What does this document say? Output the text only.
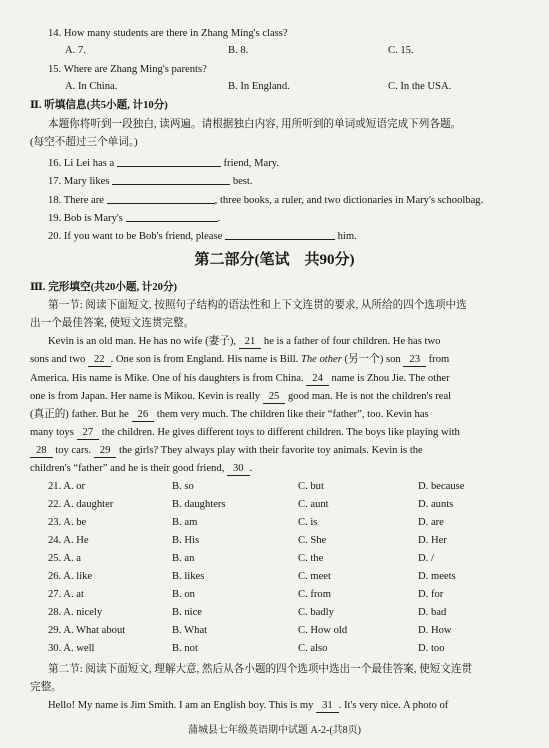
14. How many students are there in Zhang Ming's class?
A. 7.	B. 8.	C. 15.
15. Where are Zhang Ming's parents?
A. In China.	B. In England.	C. In the USA.
Ⅱ. 听填信息(共5小题, 计10分)
本题你将听到一段独白, 读两遍。请根据独白内容, 用所听到的单词或短语完成下列各题。
(每空不超过三个单词。)
16. Li Lei has a	friend, Mary.
17. Mary likes	best.
18. There are	, three books, a ruler, and two dictionaries in Mary's schoolbag.
19. Bob is Mary's	.
20. If you want to be Bob's friend, please	him.
第二部分(笔试　共90分)
Ⅲ. 完形填空(共20小题, 计20分)
第一节: 阅读下面短文, 按照句子结构的语法性和上下文连贯的要求, 从所给的四个选项中选
出一个最佳答案, 使短文连贯完整。
Kevin is an old man. He has no wife (妻子), 21 he is a father of four children. He has two
sons and two 22 . One son is from England. His name is Bill. The other (另一个) son 23 from
America. His name is Mike. One of his daughters is from China. 24 name is Zhou Jie. The other
one is from Japan. Her name is Mikou. Kevin is really 25 good man. He is not the children's real
(真正的) father. But he 26 them very much. The children like their “father”, too. Kevin has
many toys 27 the children. He gives different toys to different children. The boys like playing with
28 toy cars. 29 the girls? They always play with their favorite toy animals. Kevin is the
children's “father” and he is their good friend, 30 .
21. A. or	B. so	C. but	D. because
22. A. daughter	B. daughters	C. aunt	D. aunts
23. A. be	B. am	C. is	D. are
24. A. He	B. His	C. She	D. Her
25. A. a	B. an	C. the	D. /
26. A. like	B. likes	C. meet	D. meets
27. A. at	B. on	C. from	D. for
28. A. nicely	B. nice	C. badly	D. bad
29. A. What about	B. What	C. How old	D. How
30. A. well	B. not	C. also	D. too
第二节: 阅读下面短文, 理解大意, 然后从各小题的四个选项中选出一个最佳答案, 使短文连贯
完整。
Hello! My name is Jim Smith. I am an English boy. This is my 31 . It's very nice. A photo of
蒲城县七年级英语期中试题 A-2-(共8页)
